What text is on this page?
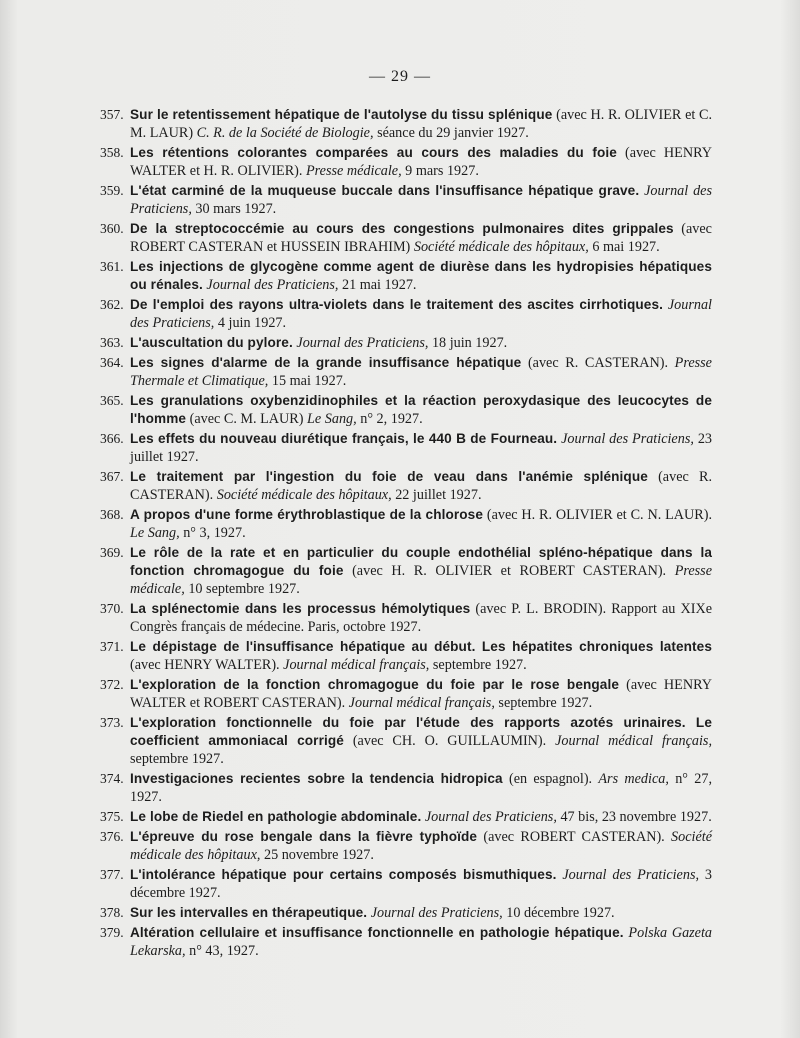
— 29 —
357. Sur le retentissement hépatique de l'autolyse du tissu splénique (avec H. R. OLIVIER et C. M. LAUR) C. R. de la Société de Biologie, séance du 29 janvier 1927.
358. Les rétentions colorantes comparées au cours des maladies du foie (avec HENRY WALTER et H. R. OLIVIER). Presse médicale, 9 mars 1927.
359. L'état carminé de la muqueuse buccale dans l'insuffisance hépatique grave. Journal des Praticiens, 30 mars 1927.
360. De la streptococcémie au cours des congestions pulmonaires dites grippales (avec ROBERT CASTERAN et HUSSEIN IBRAHIM) Société médicale des hôpitaux, 6 mai 1927.
361. Les injections de glycogène comme agent de diurèse dans les hydropisies hépatiques ou rénales. Journal des Praticiens, 21 mai 1927.
362. De l'emploi des rayons ultra-violets dans le traitement des ascites cirrhotiques. Journal des Praticiens, 4 juin 1927.
363. L'auscultation du pylore. Journal des Praticiens, 18 juin 1927.
364. Les signes d'alarme de la grande insuffisance hépatique (avec R. CASTERAN). Presse Thermale et Climatique, 15 mai 1927.
365. Les granulations oxybenzidinophiles et la réaction peroxydasique des leucocytes de l'homme (avec C. M. LAUR) Le Sang, n° 2, 1927.
366. Les effets du nouveau diurétique français, le 440 B de Fourneau. Journal des Praticiens, 23 juillet 1927.
367. Le traitement par l'ingestion du foie de veau dans l'anémie splénique (avec R. CASTERAN). Société médicale des hôpitaux, 22 juillet 1927.
368. A propos d'une forme érythroblastique de la chlorose (avec H. R. OLIVIER et C. N. LAUR). Le Sang, n° 3, 1927.
369. Le rôle de la rate et en particulier du couple endothélial spléno-hépatique dans la fonction chromagogue du foie (avec H. R. OLIVIER et ROBERT CASTERAN). Presse médicale, 10 septembre 1927.
370. La splénectomie dans les processus hémolytiques (avec P. L. BRODIN). Rapport au XIXe Congrès français de médecine. Paris, octobre 1927.
371. Le dépistage de l'insuffisance hépatique au début. Les hépatites chroniques latentes (avec HENRY WALTER). Journal médical français, septembre 1927.
372. L'exploration de la fonction chromagogue du foie par le rose bengale (avec HENRY WALTER et ROBERT CASTERAN). Journal médical français, septembre 1927.
373. L'exploration fonctionnelle du foie par l'étude des rapports azotés urinaires. Le coefficient ammoniacal corrigé (avec CH. O. GUILLAUMIN). Journal médical français, septembre 1927.
374. Investigaciones recientes sobre la tendencia hidropica (en espagnol). Ars medica, n° 27, 1927.
375. Le lobe de Riedel en pathologie abdominale. Journal des Praticiens, 47 bis, 23 novembre 1927.
376. L'épreuve du rose bengale dans la fièvre typhoïde (avec ROBERT CASTERAN). Société médicale des hôpitaux, 25 novembre 1927.
377. L'intolérance hépatique pour certains composés bismuthiques. Journal des Praticiens, 3 décembre 1927.
378. Sur les intervalles en thérapeutique. Journal des Praticiens, 10 décembre 1927.
379. Altération cellulaire et insuffisance fonctionnelle en pathologie hépatique. Polska Gazeta Lekarska, n° 43, 1927.
